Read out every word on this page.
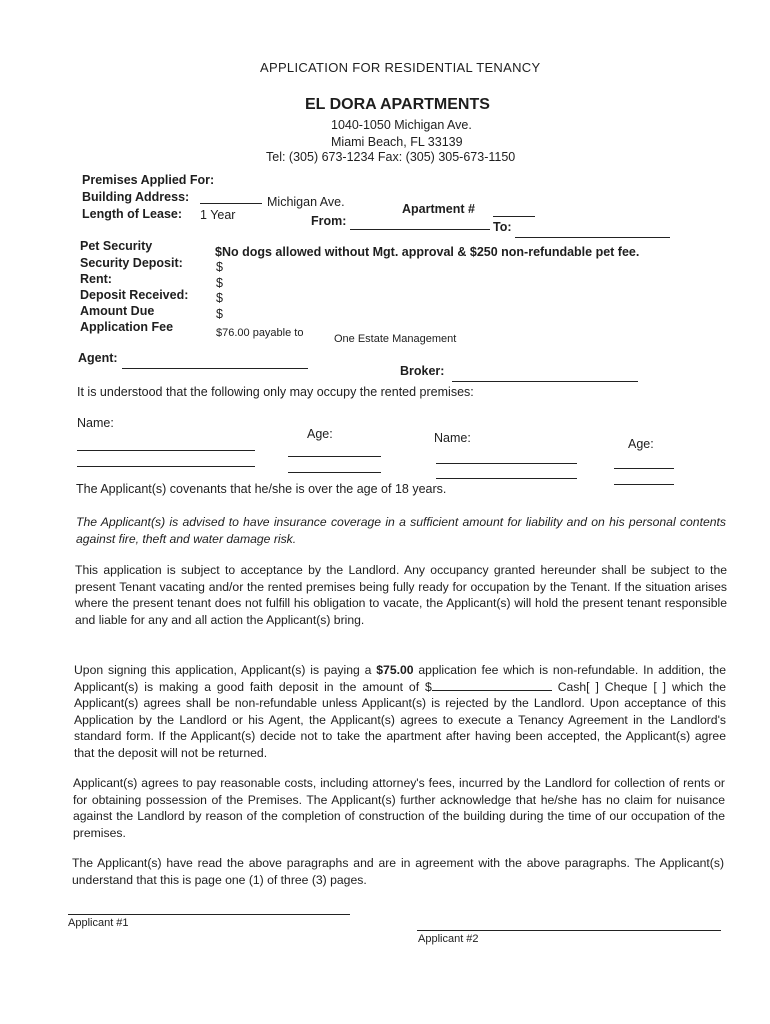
APPLICATION FOR RESIDENTIAL TENANCY
EL DORA APARTMENTS
1040-1050 Michigan Ave.
Miami Beach, FL 33139
Tel: (305) 673-1234 Fax: (305) 305-673-1150
Premises Applied For:
Building Address:	Michigan Ave.	Apartment #
Length of Lease: 1 Year	From:	To:
Pet Security	$No dogs allowed without Mgt. approval & $250 non-refundable pet fee.
Security Deposit:	$
Rent:	$
Deposit Received: $
Amount Due	$
Application Fee	$76.00 payable to	One Estate Management
Agent:
Broker:
It is understood that the following only may occupy the rented premises:
Name:
Age:	Name:	Age:
The Applicant(s) covenants that he/she is over the age of 18 years.
The Applicant(s) is advised to have insurance coverage in a sufficient amount for liability and on his personal contents against fire, theft and water damage risk.
This application is subject to acceptance by the Landlord. Any occupancy granted hereunder shall be subject to the present Tenant vacating and/or the rented premises being fully ready for occupation by the Tenant. If the situation arises where the present tenant does not fulfill his obligation to vacate, the Applicant(s) will hold the present tenant responsible and liable for any and all action the Applicant(s) bring.
Upon signing this application, Applicant(s) is paying a $75.00 application fee which is non-refundable. In addition, the Applicant(s) is making a good faith deposit in the amount of $	Cash[ ] Cheque [ ] which the Applicant(s) agrees shall be non-refundable unless Applicant(s) is rejected by the Landlord. Upon acceptance of this Application by the Landlord or his Agent, the Applicant(s) agrees to execute a Tenancy Agreement in the Landlord's standard form. If the Applicant(s) decide not to take the apartment after having been accepted, the Applicant(s) agree that the deposit will not be returned.
Applicant(s) agrees to pay reasonable costs, including attorney's fees, incurred by the Landlord for collection of rents or for obtaining possession of the Premises. The Applicant(s) further acknowledge that he/she has no claim for nuisance against the Landlord by reason of the completion of construction of the building during the time of our occupation of the premises.
The Applicant(s) have read the above paragraphs and are in agreement with the above paragraphs. The Applicant(s) understand that this is page one (1) of three (3) pages.
Applicant #1
Applicant #2
